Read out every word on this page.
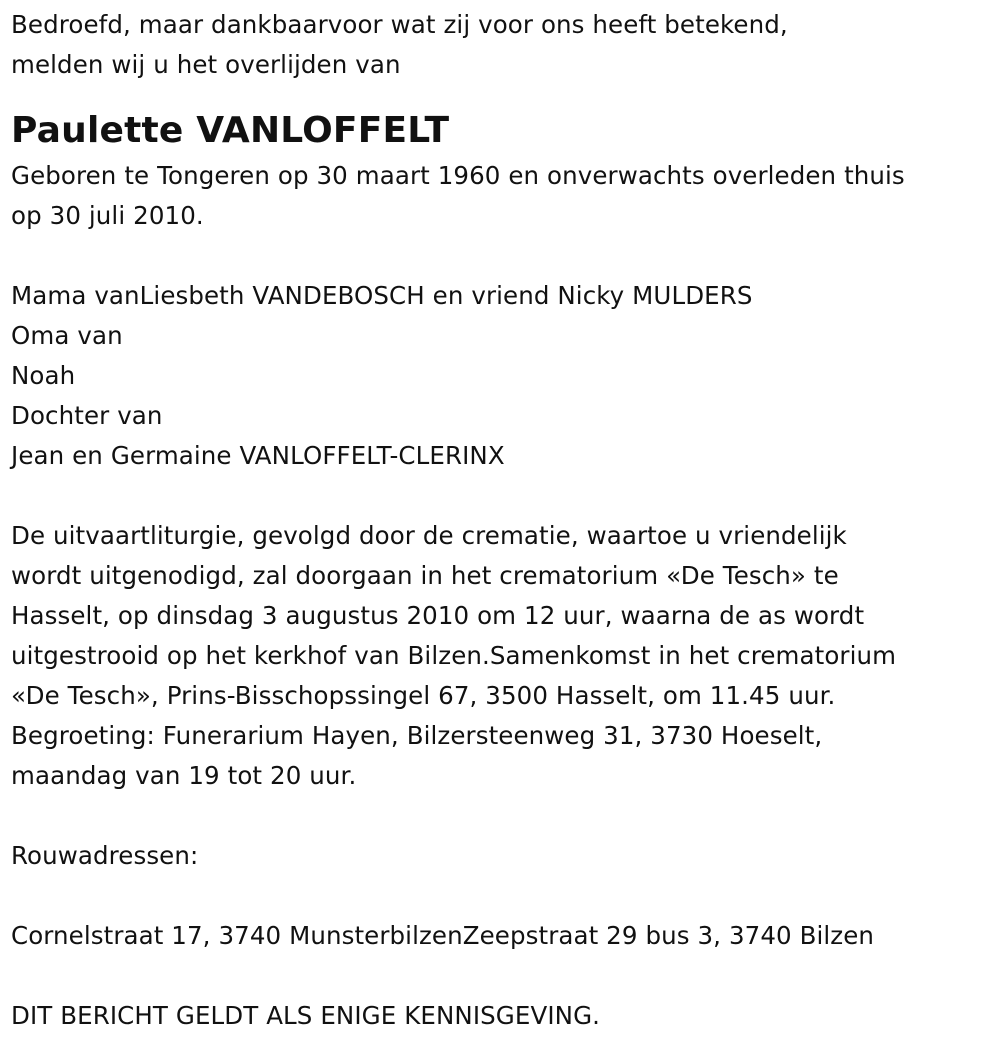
Bedroefd, maar dankbaarvoor wat zij voor ons heeft betekend,
melden wij u het overlijden van
Paulette VANLOFFELT
Geboren te Tongeren op 30 maart 1960 en onverwachts overleden thuis
op 30 juli 2010.
Mama vanLiesbeth VANDEBOSCH en vriend Nicky MULDERS
Oma van
Noah
Dochter van
Jean en Germaine VANLOFFELT-CLERINX
De uitvaartliturgie, gevolgd door de crematie, waartoe u vriendelijk
wordt uitgenodigd, zal doorgaan in het crematorium «De Tesch» te
Hasselt, op dinsdag 3 augustus 2010 om 12 uur, waarna de as wordt
uitgestrooid op het kerkhof van Bilzen.Samenkomst in het crematorium
«De Tesch», Prins-Bisschopssingel 67, 3500 Hasselt, om 11.45 uur.
Begroeting: Funerarium Hayen, Bilzersteenweg 31, 3730 Hoeselt,
maandag van 19 tot 20 uur.
Rouwadressen:
Cornelstraat 17, 3740 MunsterbilzenZeepstraat 29 bus 3, 3740 Bilzen
DIT BERICHT GELDT ALS ENIGE KENNISGEVING.
